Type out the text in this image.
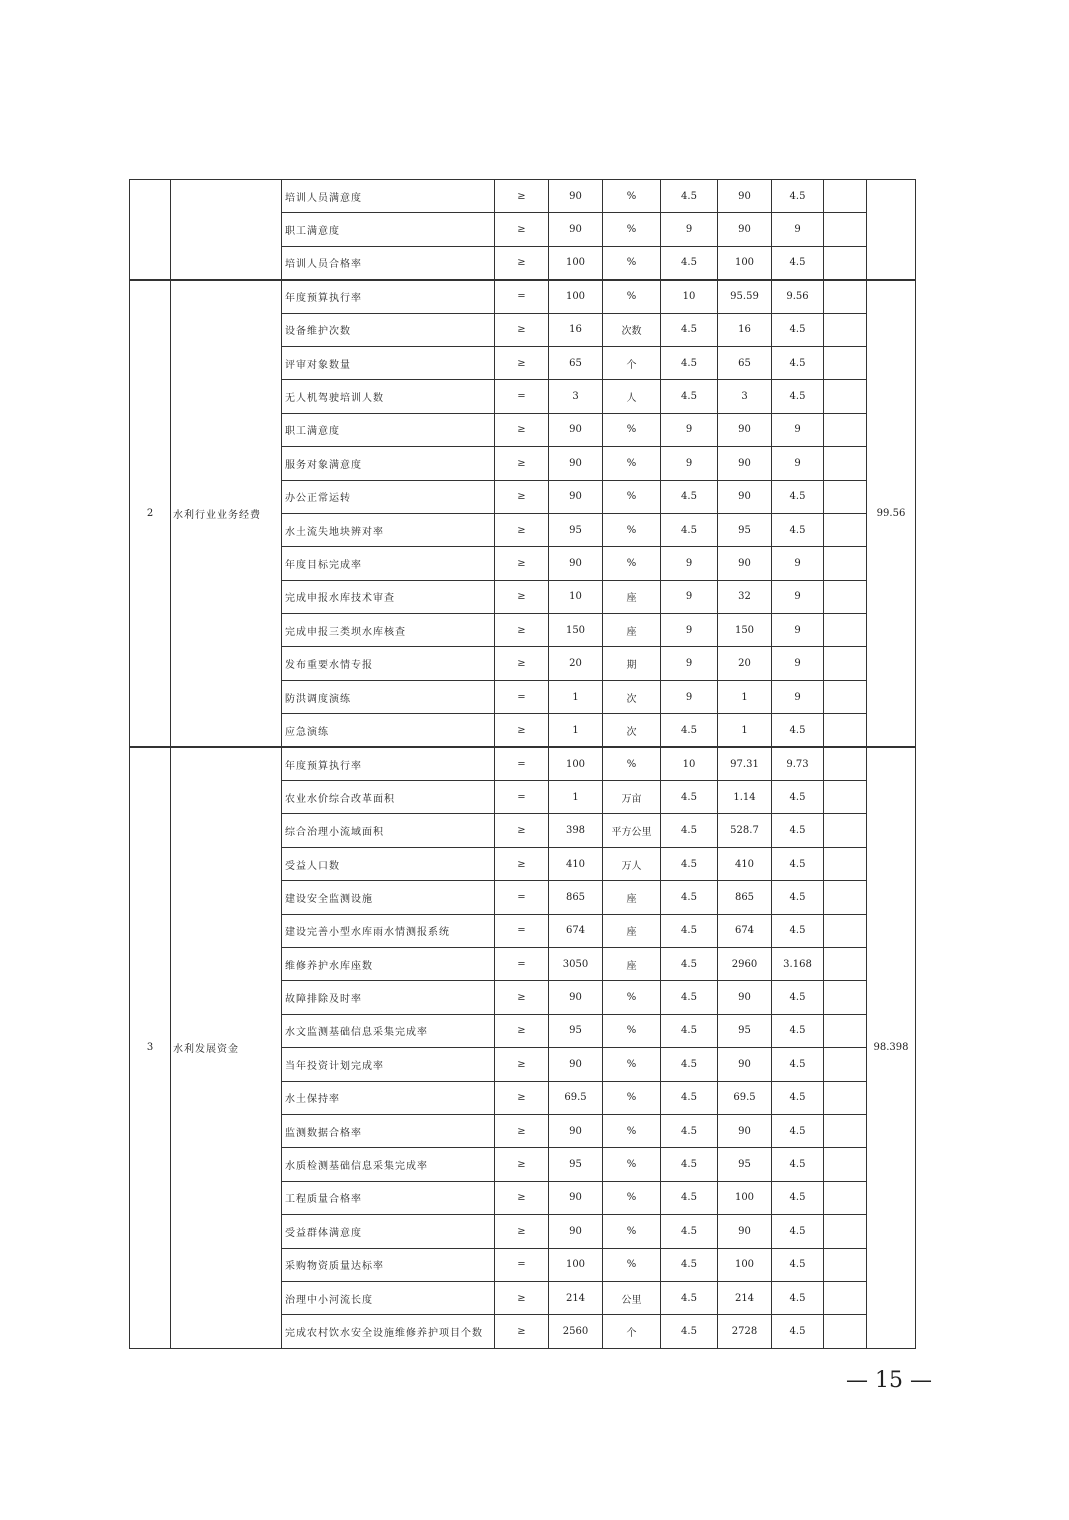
		培训人员满意度	≥	90	%	4.5	90	4.5		
		职工满意度	≥	90	%	9	90	9		
		培训人员合格率	≥	100	%	4.5	100	4.5		
2	水利行业业务经费	年度预算执行率	=	100	%	10	95.59	9.56		99.56
		设备维护次数	≥	16	次数	4.5	16	4.5		
		评审对象数量	≥	65	个	4.5	65	4.5		
		无人机驾驶培训人数	=	3	人	4.5	3	4.5		
		职工满意度	≥	90	%	9	90	9		
		服务对象满意度	≥	90	%	9	90	9		
		办公正常运转	≥	90	%	4.5	90	4.5		
		水土流失地块辨对率	≥	95	%	4.5	95	4.5		
		年度目标完成率	≥	90	%	9	90	9		
		完成申报水库技术审查	≥	10	座	9	32	9		
		完成申报三类坝水库核查	≥	150	座	9	150	9		
		发布重要水情专报	≥	20	期	9	20	9		
		防洪调度演练	=	1	次	9	1	9		
		应急演练	≥	1	次	4.5	1	4.5		
3	水利发展资金	年度预算执行率	=	100	%	10	97.31	9.73		98.398
		农业水价综合改革面积	=	1	万亩	4.5	1.14	4.5		
		综合治理小流域面积	≥	398	平方公里	4.5	528.7	4.5		
		受益人口数	≥	410	万人	4.5	410	4.5		
		建设安全监测设施	=	865	座	4.5	865	4.5		
		建设完善小型水库雨水情测报系统	=	674	座	4.5	674	4.5		
		维修养护水库座数	=	3050	座	4.5	2960	3.168		
		故障排除及时率	≥	90	%	4.5	90	4.5		
		水文监测基础信息采集完成率	≥	95	%	4.5	95	4.5		
		当年投资计划完成率	≥	90	%	4.5	90	4.5		
		水土保持率	≥	69.5	%	4.5	69.5	4.5		
		监测数据合格率	≥	90	%	4.5	90	4.5		
		水质检测基础信息采集完成率	≥	95	%	4.5	95	4.5		
		工程质量合格率	≥	90	%	4.5	100	4.5		
		受益群体满意度	≥	90	%	4.5	90	4.5		
		采购物资质量达标率	=	100	%	4.5	100	4.5		
		治理中小河流长度	≥	214	公里	4.5	214	4.5		
		完成农村饮水安全设施维修养护项目个数	≥	2560	个	4.5	2728	4.5		
— 15 —
